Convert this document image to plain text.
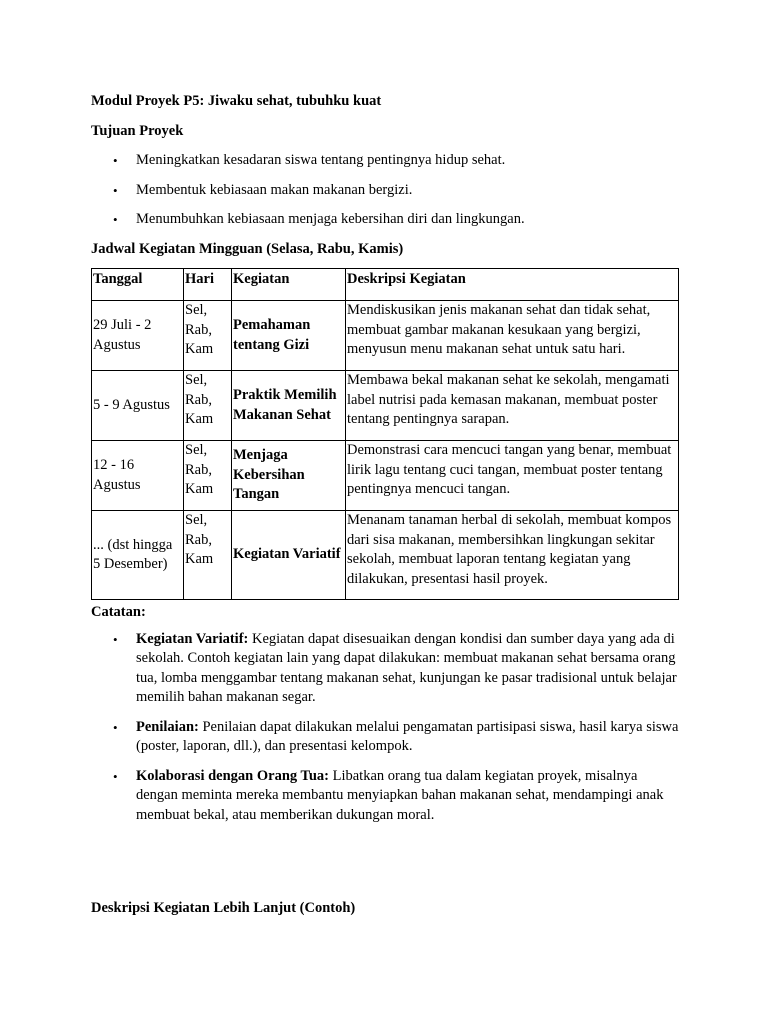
Modul Proyek P5: Jiwaku sehat, tubuhku kuat
Tujuan Proyek
• Meningkatkan kesadaran siswa tentang pentingnya hidup sehat.
• Membentuk kebiasaan makan makanan bergizi.
• Menumbuhkan kebiasaan menjaga kebersihan diri dan lingkungan.
Jadwal Kegiatan Mingguan (Selasa, Rabu, Kamis)
Tanggal	Hari	Kegiatan	Deskripsi Kegiatan
29 Juli - 2 Agustus	Sel, Rab, Kam	Pemahaman tentang Gizi	Mendiskusikan jenis makanan sehat dan tidak sehat, membuat gambar makanan kesukaan yang bergizi, menyusun menu makanan sehat untuk satu hari.
5 - 9 Agustus	Sel, Rab, Kam	Praktik Memilih Makanan Sehat	Membawa bekal makanan sehat ke sekolah, mengamati label nutrisi pada kemasan makanan, membuat poster tentang pentingnya sarapan.
12 - 16 Agustus	Sel, Rab, Kam	Menjaga Kebersihan Tangan	Demonstrasi cara mencuci tangan yang benar, membuat lirik lagu tentang cuci tangan, membuat poster tentang pentingnya mencuci tangan.
... (dst hingga 5 Desember)	Sel, Rab, Kam	Kegiatan Variatif	Menanam tanaman herbal di sekolah, membuat kompos dari sisa makanan, membersihkan lingkungan sekitar sekolah, membuat laporan tentang kegiatan yang dilakukan, presentasi hasil proyek.
Catatan:
• Kegiatan Variatif: Kegiatan dapat disesuaikan dengan kondisi dan sumber daya yang ada di sekolah. Contoh kegiatan lain yang dapat dilakukan: membuat makanan sehat bersama orang tua, lomba menggambar tentang makanan sehat, kunjungan ke pasar tradisional untuk belajar memilih bahan makanan segar.
• Penilaian: Penilaian dapat dilakukan melalui pengamatan partisipasi siswa, hasil karya siswa (poster, laporan, dll.), dan presentasi kelompok.
• Kolaborasi dengan Orang Tua: Libatkan orang tua dalam kegiatan proyek, misalnya dengan meminta mereka membantu menyiapkan bahan makanan sehat, mendampingi anak membuat bekal, atau memberikan dukungan moral.
Deskripsi Kegiatan Lebih Lanjut (Contoh)
